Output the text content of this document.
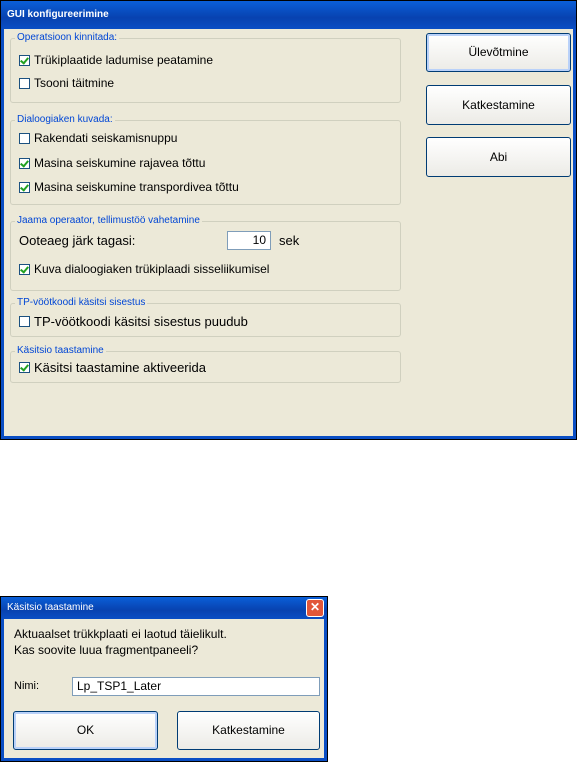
GUI konfigureerimine
Operatsioon kinnitada:
Trükiplaatide ladumise peatamine
Tsooni täitmine
Dialoogiaken kuvada:
Rakendati seiskamisnuppu
Masina seiskumine rajavea tõttu
Masina seiskumine transpordivea tõttu
Jaama operaator, tellimustöö vahetamine
Ooteaeg järk tagasi:	10	sek
Kuva dialoogiaken trükiplaadi sisseliikumisel
TP-vöötkoodi käsitsi sisestus
TP-vöötkoodi käsitsi sisestus puudub
Käsitsio taastamine
Käsitsi taastamine aktiveerida
Ülevõtmine
Katkestamine
Abi
Käsitsio taastamine	✕
Aktuaalset trükkplaati ei laotud täielikult.
Kas soovite luua fragmentpaneeli?
Nimi:	Lp_TSP1_Later
OK	Katkestamine
